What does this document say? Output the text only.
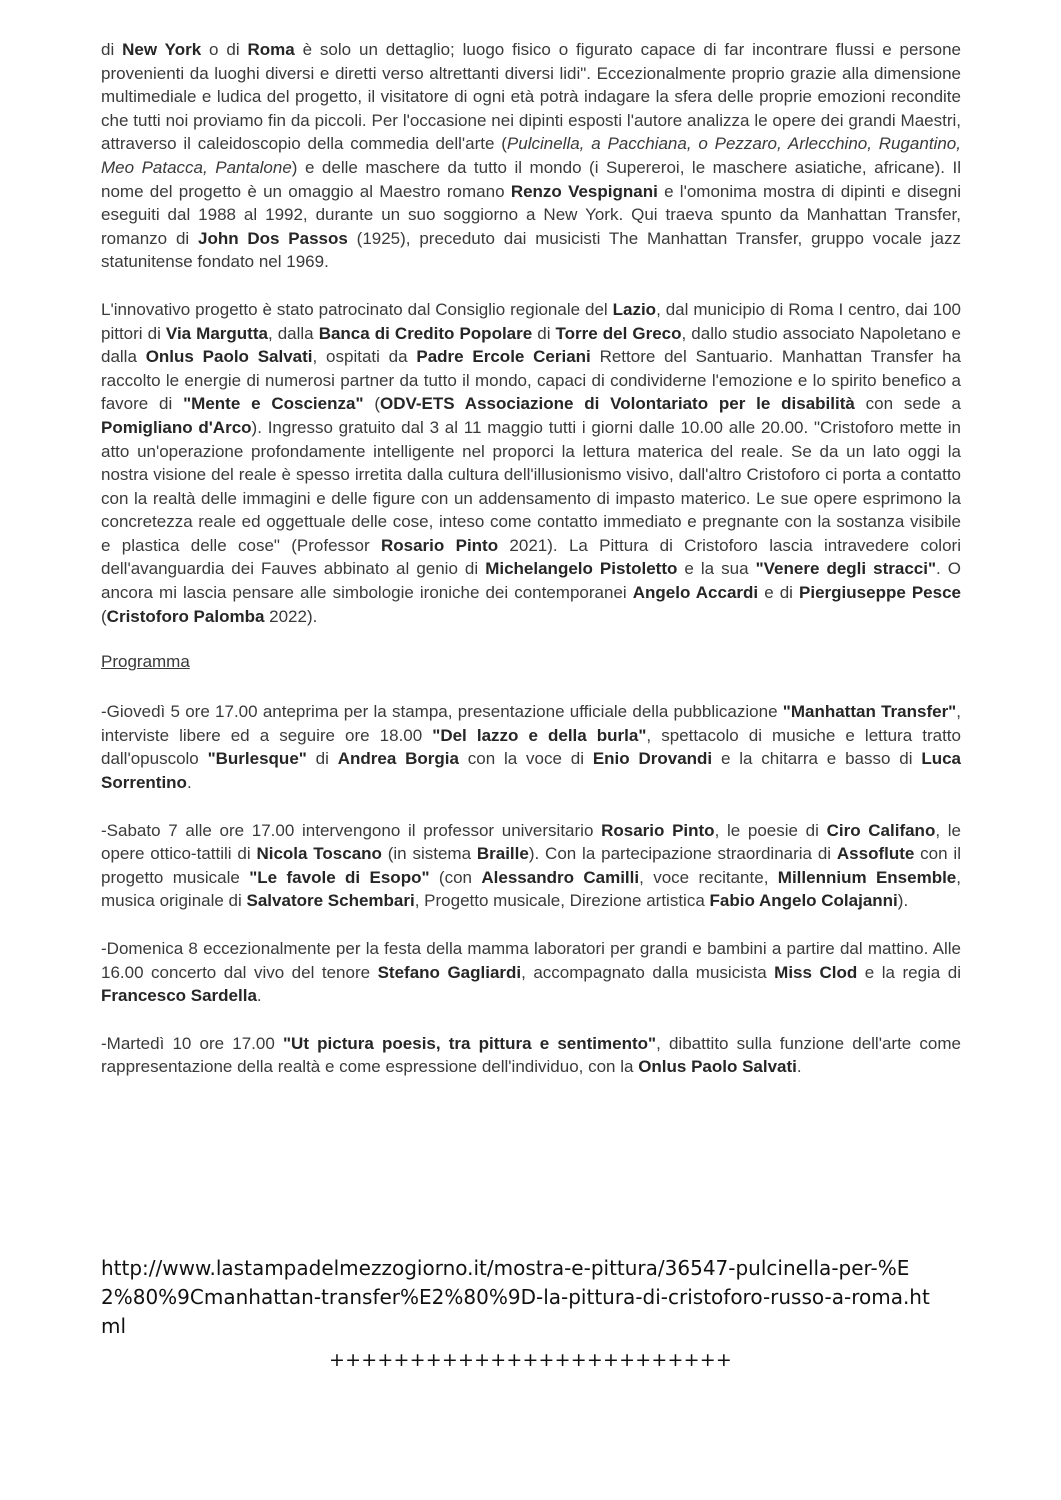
di New York o di Roma è solo un dettaglio; luogo fisico o figurato capace di far incontrare flussi e persone provenienti da luoghi diversi e diretti verso altrettanti diversi lidi". Eccezionalmente proprio grazie alla dimensione multimediale e ludica del progetto, il visitatore di ogni età potrà indagare la sfera delle proprie emozioni recondite che tutti noi proviamo fin da piccoli. Per l'occasione nei dipinti esposti l'autore analizza le opere dei grandi Maestri, attraverso il caleidoscopio della commedia dell'arte (Pulcinella, a Pacchiana, o Pezzaro, Arlecchino, Rugantino, Meo Patacca, Pantalone) e delle maschere da tutto il mondo (i Supereroi, le maschere asiatiche, africane). Il nome del progetto è un omaggio al Maestro romano Renzo Vespignani e l'omonima mostra di dipinti e disegni eseguiti dal 1988 al 1992, durante un suo soggiorno a New York. Qui traeva spunto da Manhattan Transfer, romanzo di John Dos Passos (1925), preceduto dai musicisti The Manhattan Transfer, gruppo vocale jazz statunitense fondato nel 1969.

L'innovativo progetto è stato patrocinato dal Consiglio regionale del Lazio, dal municipio di Roma I centro, dai 100 pittori di Via Margutta, dalla Banca di Credito Popolare di Torre del Greco, dallo studio associato Napoletano e dalla Onlus Paolo Salvati, ospitati da Padre Ercole Ceriani Rettore del Santuario. Manhattan Transfer ha raccolto le energie di numerosi partner da tutto il mondo, capaci di condividerne l'emozione e lo spirito benefico a favore di "Mente e Coscienza" (ODV-ETS Associazione di Volontariato per le disabilità con sede a Pomigliano d'Arco). Ingresso gratuito dal 3 al 11 maggio tutti i giorni dalle 10.00 alle 20.00. "Cristoforo mette in atto un'operazione profondamente intelligente nel proporci la lettura materica del reale. Se da un lato oggi la nostra visione del reale è spesso irretita dalla cultura dell'illusionismo visivo, dall'altro Cristoforo ci porta a contatto con la realtà delle immagini e delle figure con un addensamento di impasto materico. Le sue opere esprimono la concretezza reale ed oggettuale delle cose, inteso come contatto immediato e pregnante con la sostanza visibile e plastica delle cose" (Professor Rosario Pinto 2021). La Pittura di Cristoforo lascia intravedere colori dell'avanguardia dei Fauves abbinato al genio di Michelangelo Pistoletto e la sua "Venere degli stracci". O ancora mi lascia pensare alle simbologie ironiche dei contemporanei Angelo Accardi e di Piergiuseppe Pesce (Cristoforo Palomba 2022).

Programma

-Giovedì 5 ore 17.00 anteprima per la stampa, presentazione ufficiale della pubblicazione "Manhattan Transfer", interviste libere ed a seguire ore 18.00 "Del lazzo e della burla", spettacolo di musiche e lettura tratto dall'opuscolo "Burlesque" di Andrea Borgia con la voce di Enio Drovandi e la chitarra e basso di Luca Sorrentino.

-Sabato 7 alle ore 17.00 intervengono il professor universitario Rosario Pinto, le poesie di Ciro Califano, le opere ottico-tattili di Nicola Toscano (in sistema Braille). Con la partecipazione straordinaria di Assoflute con il progetto musicale "Le favole di Esopo" (con Alessandro Camilli, voce recitante, Millennium Ensemble, musica originale di Salvatore Schembari, Progetto musicale, Direzione artistica Fabio Angelo Colajanni).

-Domenica 8 eccezionalmente per la festa della mamma laboratori per grandi e bambini a partire dal mattino. Alle 16.00 concerto dal vivo del tenore Stefano Gagliardi, accompagnato dalla musicista Miss Clod e la regia di Francesco Sardella.

-Martedì 10 ore 17.00 "Ut pictura poesis, tra pittura e sentimento", dibattito sulla funzione dell'arte come rappresentazione della realtà e come espressione dell'individuo, con la Onlus Paolo Salvati.

http://www.lastampadelmezzogiorno.it/mostra-e-pittura/36547-pulcinella-per-%E2%80%9Cmanhattan-transfer%E2%80%9D-la-pittura-di-cristoforo-russo-a-roma.html

+++++++++++++++++++++++++
